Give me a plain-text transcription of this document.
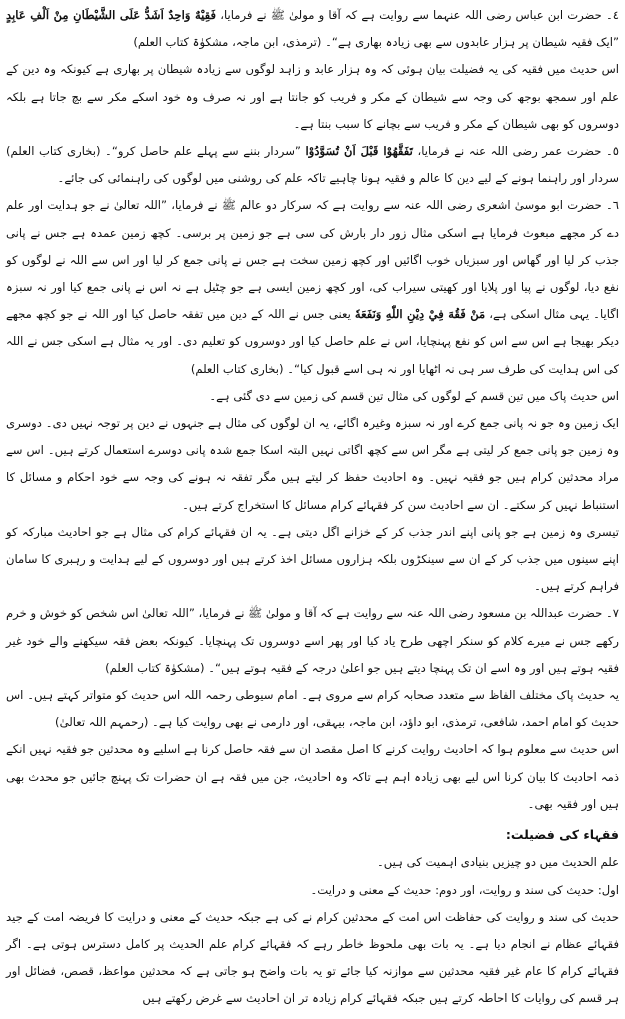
٤۔ حضرت ابن عباس رضی اللہ عنہما سے روایت ہے کہ آقا و مولیٰ ﷺ نے فرمایا، فَقِيْهٌ وَاحِدٌ اَشَدُّ عَلَى الشَّيْطَانِ مِنْ اَلْفِ عَابِدٍ ”ایک فقیہ شیطان پر ہزار عابدوں سے بھی زیادہ بھاری ہے“۔ (ترمذی، ابن ماجہ، مشکوٰۃ کتاب العلم)

اس حدیث میں فقیہ کی یہ فضیلت بیان ہوئی کہ وہ ہزار عابد و زاہد لوگوں سے زیادہ شیطان پر بھاری ہے کیونکہ وہ دین کے علم اور سمجھ بوجھ کی وجہ سے شیطان کے مکر و فریب کو جانتا ہے اور نہ صرف وہ خود اسکے مکر سے بچ جاتا ہے بلکہ دوسروں کو بھی شیطان کے مکر و فریب سے بچانے کا سبب بنتا ہے۔

٥۔ حضرت عمر رضی اللہ عنہ نے فرمایا، تَفَقَّهُوْا قَبْلَ اَنْ تُسَوَّدُوْا ”سردار بننے سے پہلے علم حاصل کرو“۔ (بخاری کتاب العلم) سردار اور راہنما ہونے کے لیے دین کا عالم و فقیہ ہونا چاہیے تاکہ علم کی روشنی میں لوگوں کی راہنمائی کی جائے۔

٦۔ حضرت ابو موسیٰ اشعری رضی اللہ عنہ سے روایت ہے کہ سرکار دو عالم ﷺ نے فرمایا، ”اللہ تعالیٰ نے جو ہدایت اور علم دے کر مجھے مبعوث فرمایا ہے اسکی مثال زور دار بارش کی سی ہے جو زمین پر برسی۔ کچھ زمین عمدہ ہے جس نے پانی جذب کر لیا اور گھاس اور سبزیاں خوب اگائیں اور کچھ زمین سخت ہے جس نے پانی جمع کر لیا اور اس سے اللہ نے لوگوں کو نفع دیا، لوگوں نے پیا اور پلایا اور کھیتی سیراب کی، اور کچھ زمین ایسی ہے جو چٹیل ہے نہ اس نے پانی جمع کیا اور نہ سبزہ اگایا۔ یہی مثال اسکی ہے، مَنْ فَقُهَ فِيْ دِيْنِ اللّٰهِ وَنَفَعَهٗ یعنی جس نے اللہ کے دین میں تفقہ حاصل کیا اور اللہ نے جو کچھ مجھے دیکر بھیجا ہے اس سے اس کو نفع پہنچایا، اس نے علم حاصل کیا اور دوسروں کو تعلیم دی۔ اور یہ مثال ہے اسکی جس نے اللہ کی اس ہدایت کی طرف سر ہی نہ اٹھایا اور نہ ہی اسے قبول کیا“۔ (بخاری کتاب العلم)

اس حدیث پاک میں تین قسم کے لوگوں کی مثال تین قسم کی زمین سے دی گئی ہے۔

ایک زمین وہ جو نہ پانی جمع کرے اور نہ سبزہ وغیرہ اگائے، یہ ان لوگوں کی مثال ہے جنہوں نے دین پر توجہ نہیں دی۔ دوسری وہ زمین جو پانی جمع کر لیتی ہے مگر اس سے کچھ اگاتی نہیں البتہ اسکا جمع شدہ پانی دوسرے استعمال کرتے ہیں۔ اس سے مراد محدثین کرام ہیں جو فقیہ نہیں۔ وہ احادیث حفظ کر لیتے ہیں مگر تفقہ نہ ہونے کی وجہ سے خود احکام و مسائل کا استنباط نہیں کر سکتے۔ ان سے احادیث سن کر فقہائے کرام مسائل کا استخراج کرتے ہیں۔

تیسری وہ زمین ہے جو پانی اپنے اندر جذب کر کے خزانے اگل دیتی ہے۔ یہ ان فقہائے کرام کی مثال ہے جو احادیث مبارکہ کو اپنے سینوں میں جذب کر کے ان سے سینکڑوں بلکہ ہزاروں مسائل اخذ کرتے ہیں اور دوسروں کے لیے ہدایت و رہبری کا سامان فراہم کرتے ہیں۔

٧۔ حضرت عبداللہ بن مسعود رضی اللہ عنہ سے روایت ہے کہ آقا و مولیٰ ﷺ نے فرمایا، ”اللہ تعالیٰ اس شخص کو خوش و خرم رکھے جس نے میرے کلام کو سنکر اچھی طرح یاد کیا اور پھر اسے دوسروں تک پہنچایا۔ کیونکہ بعض فقہ سیکھنے والے خود غیر فقیہ ہوتے ہیں اور وہ اسے ان تک پہنچا دیتے ہیں جو اعلیٰ درجہ کے فقیہ ہوتے ہیں“۔ (مشکوٰۃ کتاب العلم)

یہ حدیث پاک مختلف الفاظ سے متعدد صحابہ کرام سے مروی ہے۔ امام سیوطی رحمہ اللہ اس حدیث کو متواتر کہتے ہیں۔ اس حدیث کو امام احمد، شافعی، ترمذی، ابو داؤد، ابن ماجہ، بیہقی، اور دارمی نے بھی روایت کیا ہے۔ (رحمہم اللہ تعالیٰ)

اس حدیث سے معلوم ہوا کہ احادیث روایت کرنے کا اصل مقصد ان سے فقہ حاصل کرنا ہے اسلیے وہ محدثین جو فقیہ نہیں انکے ذمہ احادیث کا بیان کرنا اس لیے بھی زیادہ اہم ہے تاکہ وہ احادیث، جن میں فقہ ہے ان حضرات تک پہنچ جائیں جو محدث بھی ہیں اور فقیہ بھی۔

فقہاء کی فضیلت:

علم الحدیث میں دو چیزیں بنیادی اہمیت کی ہیں۔

اول: حدیث کی سند و روایت، اور دوم: حدیث کے معنی و درایت۔

حدیث کی سند و روایت کی حفاظت اس امت کے محدثین کرام نے کی ہے جبکہ حدیث کے معنی و درایت کا فریضہ امت کے جید فقہائے عظام نے انجام دیا ہے۔ یہ بات بھی ملحوظ خاطر رہے کہ فقہائے کرام علم الحدیث پر کامل دسترس ہوتی ہے۔ اگر فقہائے کرام کا عام غیر فقیہ محدثین سے موازنہ کیا جائے تو یہ بات واضح ہو جاتی ہے کہ محدثین مواعظ، قصص، فضائل اور ہر قسم کی روایات کا احاطہ کرتے ہیں جبکہ فقہائے کرام زیادہ تر ان احادیث سے غرض رکھتے ہیں
